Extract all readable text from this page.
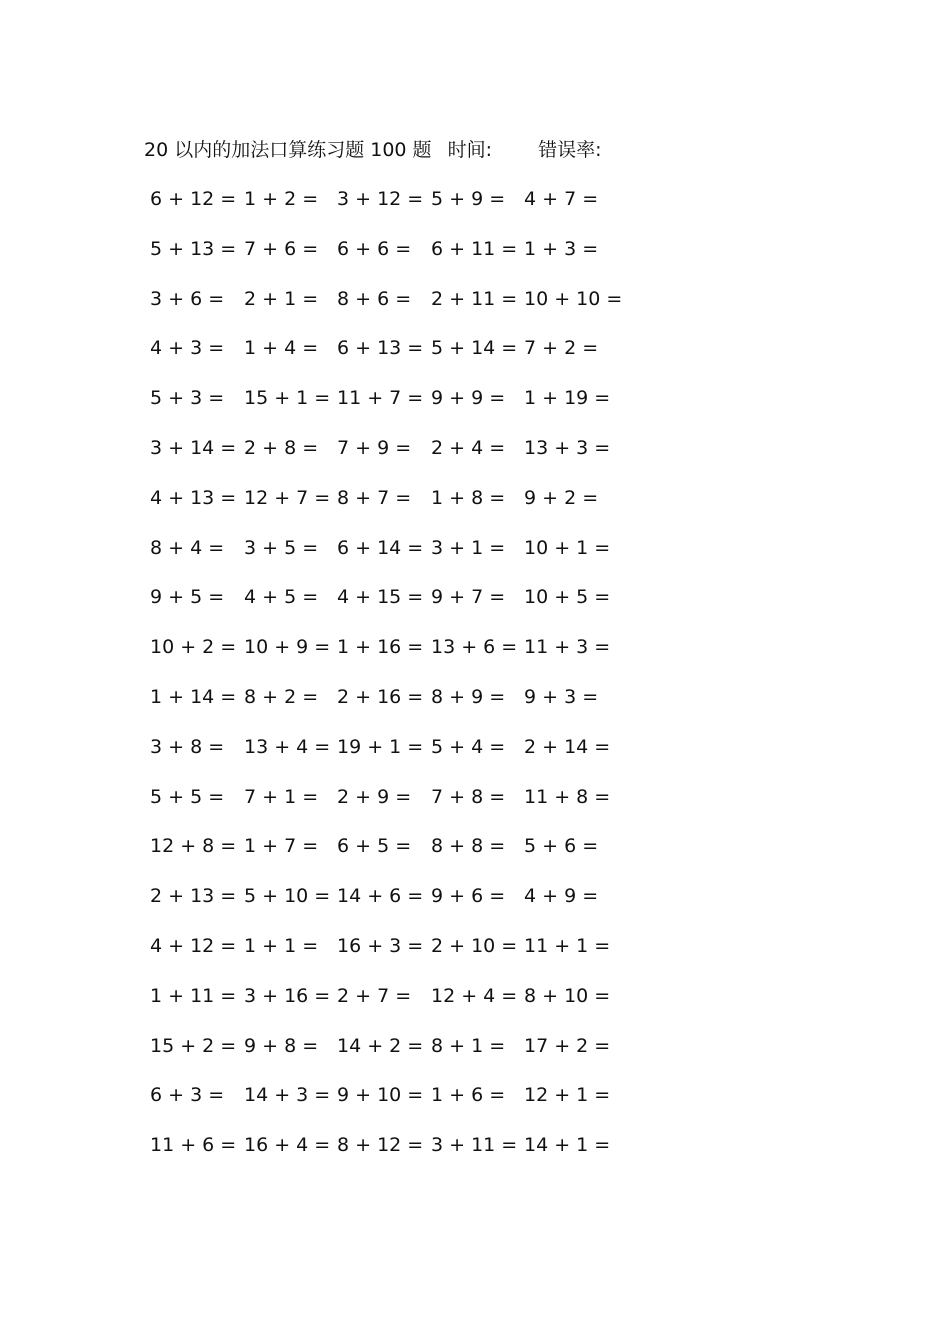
20 以内的加法口算练习题 100 题 时间: 错误率:
6 + 12 = 1 + 2 = 3 + 12 = 5 + 9 = 4 + 7 =
5 + 13 = 7 + 6 = 6 + 6 = 6 + 11 = 1 + 3 =
3 + 6 = 2 + 1 = 8 + 6 = 2 + 11 = 10 + 10 =
4 + 3 = 1 + 4 = 6 + 13 = 5 + 14 = 7 + 2 =
5 + 3 = 15 + 1 = 11 + 7 = 9 + 9 = 1 + 19 =
3 + 14 = 2 + 8 = 7 + 9 = 2 + 4 = 13 + 3 =
4 + 13 = 12 + 7 = 8 + 7 = 1 + 8 = 9 + 2 =
8 + 4 = 3 + 5 = 6 + 14 = 3 + 1 = 10 + 1 =
9 + 5 = 4 + 5 = 4 + 15 = 9 + 7 = 10 + 5 =
10 + 2 = 10 + 9 = 1 + 16 = 13 + 6 = 11 + 3 =
1 + 14 = 8 + 2 = 2 + 16 = 8 + 9 = 9 + 3 =
3 + 8 = 13 + 4 = 19 + 1 = 5 + 4 = 2 + 14 =
5 + 5 = 7 + 1 = 2 + 9 = 7 + 8 = 11 + 8 =
12 + 8 = 1 + 7 = 6 + 5 = 8 + 8 = 5 + 6 =
2 + 13 = 5 + 10 = 14 + 6 = 9 + 6 = 4 + 9 =
4 + 12 = 1 + 1 = 16 + 3 = 2 + 10 = 11 + 1 =
1 + 11 = 3 + 16 = 2 + 7 = 12 + 4 = 8 + 10 =
15 + 2 = 9 + 8 = 14 + 2 = 8 + 1 = 17 + 2 =
6 + 3 = 14 + 3 = 9 + 10 = 1 + 6 = 12 + 1 =
11 + 6 = 16 + 4 = 8 + 12 = 3 + 11 = 14 + 1 =
